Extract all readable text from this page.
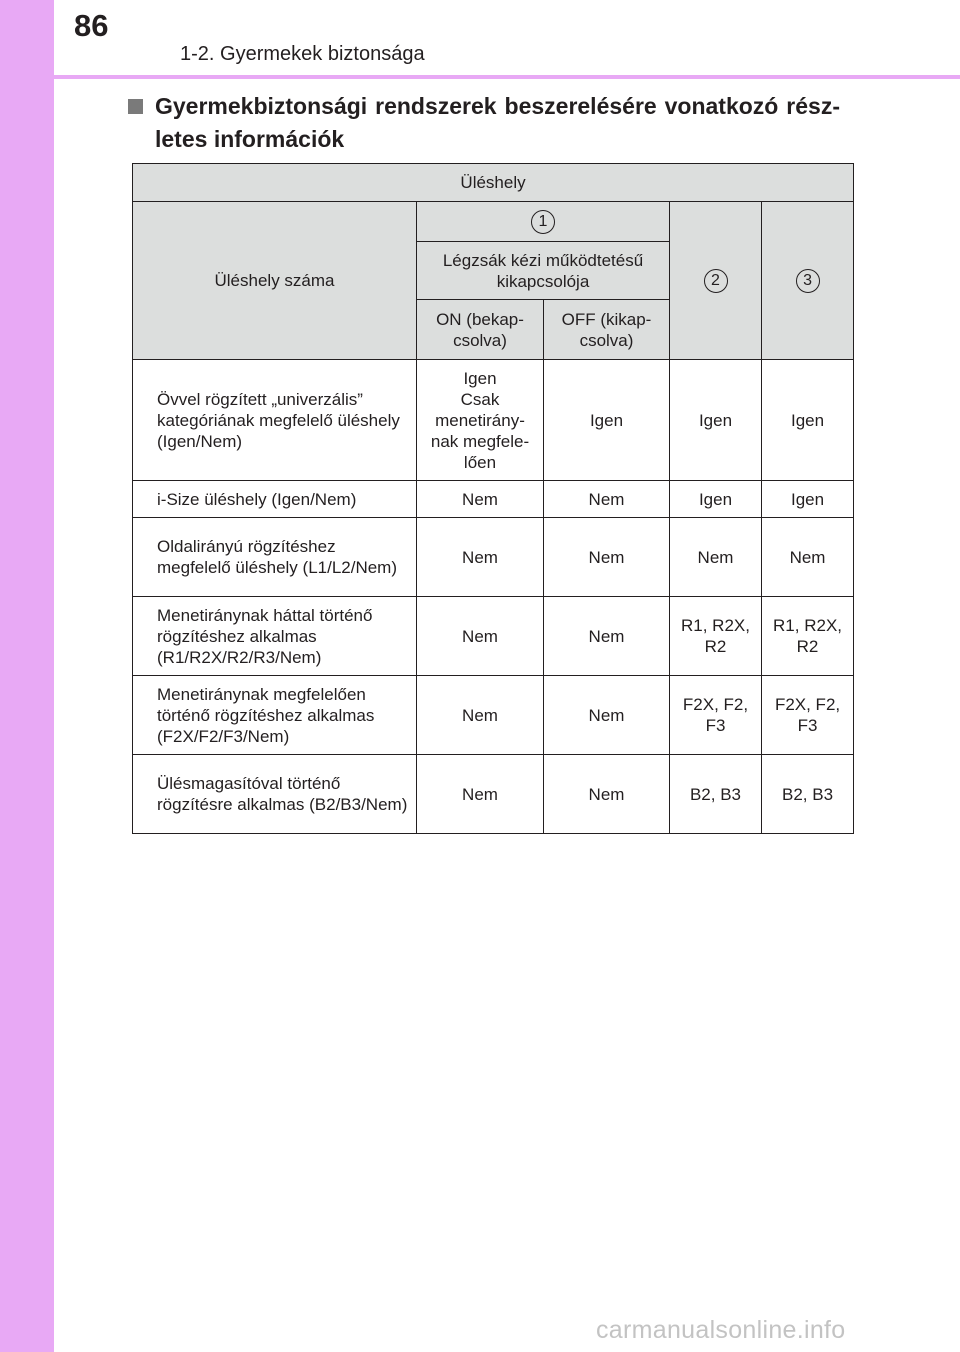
86
1-2. Gyermekek biztonsága
Gyermekbiztonsági rendszerek beszerelésére vonatkozó rész-letes információk
Üléshely				
Üléshely száma	1		2	3
	Légzsák kézi működtetésű kikapcsolója			
	ON (bekap-csolva)	OFF (kikap-csolva)		
Övvel rögzített „univerzális” kategóriának megfelelő üléshely (Igen/Nem)	Igen
Csak
menetirány-
nak megfele-
lően	Igen	Igen	Igen
i-Size üléshely (Igen/Nem)	Nem	Nem	Igen	Igen
Oldalirányú rögzítéshez megfelelő üléshely (L1/L2/Nem)	Nem	Nem	Nem	Nem
Menetiránynak háttal történő rögzítéshez alkalmas (R1/R2X/R2/R3/Nem)	Nem	Nem	R1, R2X, R2	R1, R2X, R2
Menetiránynak megfelelően történő rögzítéshez alkalmas (F2X/F2/F3/Nem)	Nem	Nem	F2X, F2, F3	F2X, F2, F3
Ülésmagasítóval történő rögzítésre alkalmas (B2/B3/Nem)	Nem	Nem	B2, B3	B2, B3
carmanualsonline.info
